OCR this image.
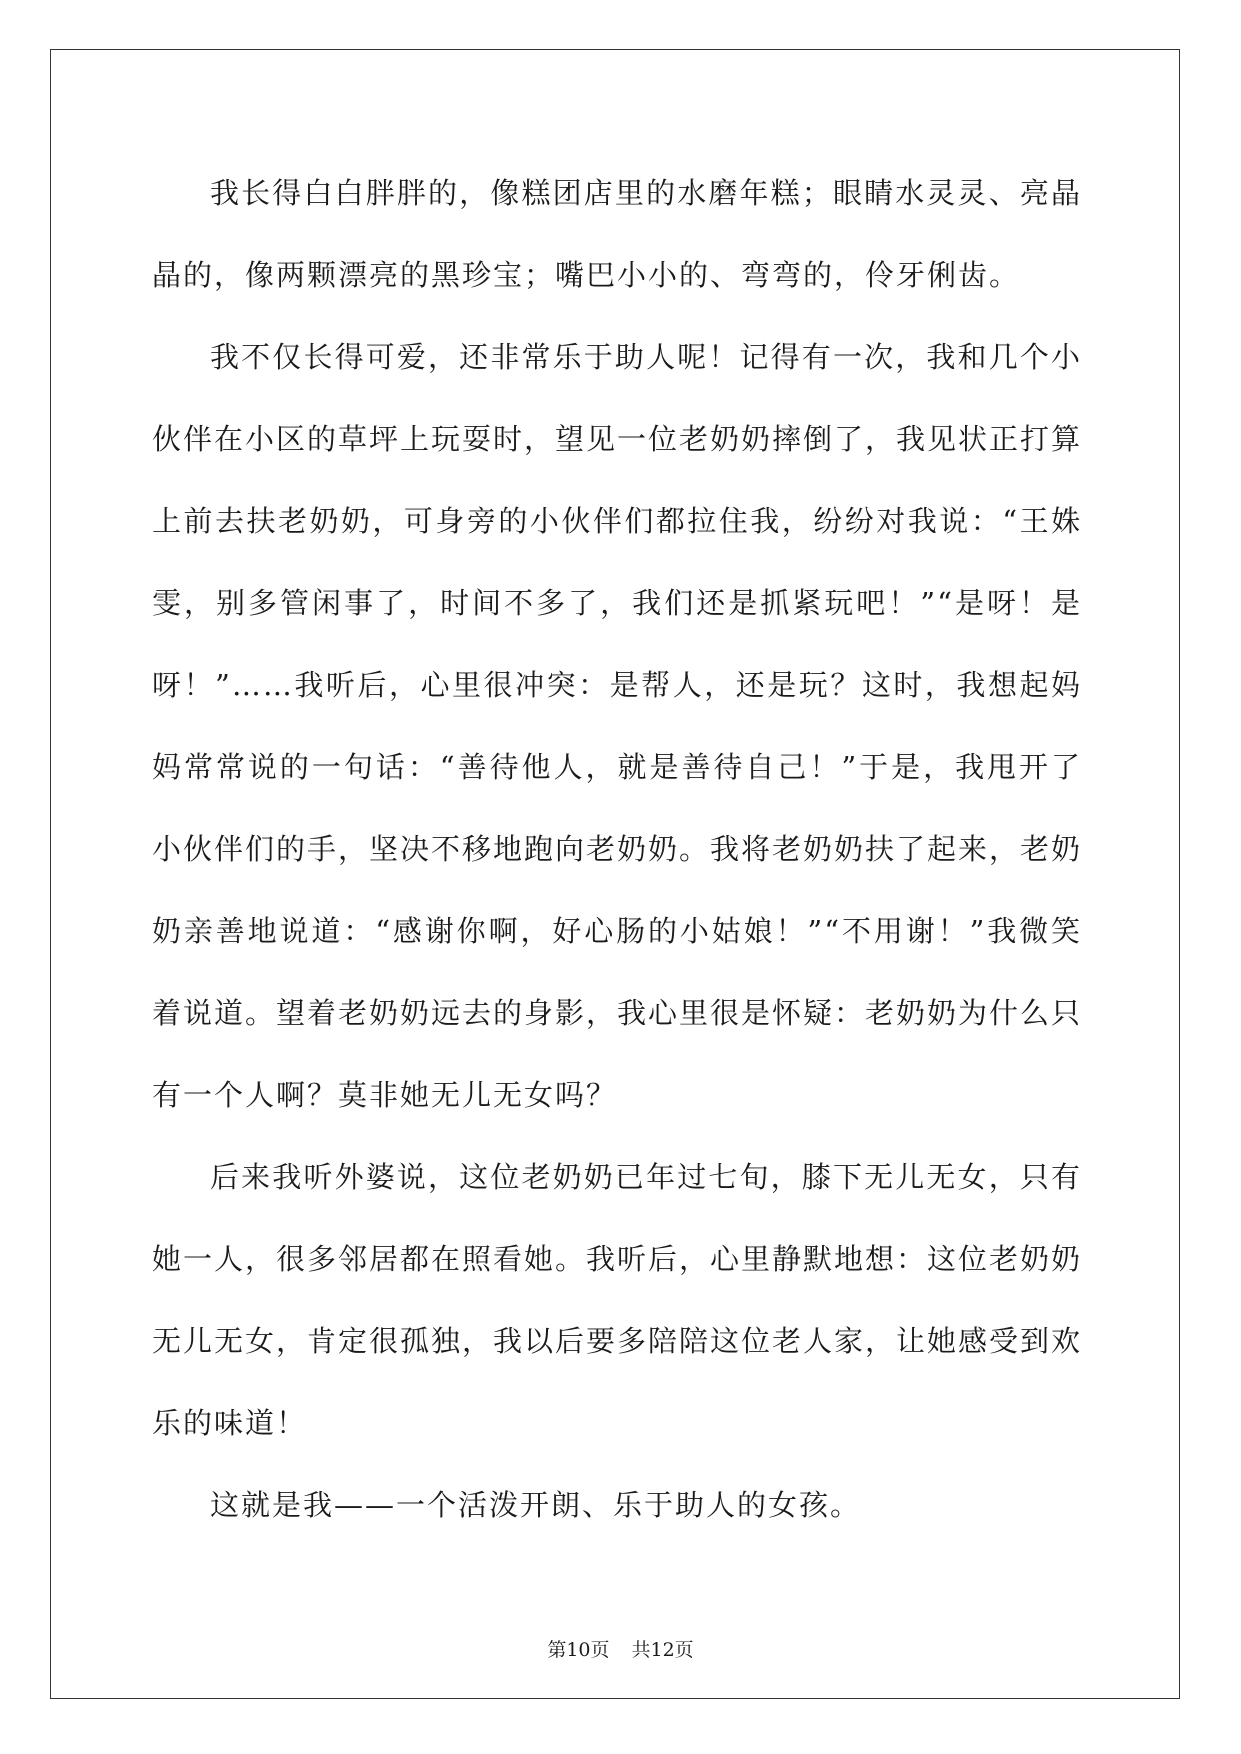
我长得白白胖胖的，像糕团店里的水磨年糕；眼睛水灵灵、亮晶晶的，像两颗漂亮的黑珍宝；嘴巴小小的、弯弯的，伶牙俐齿。

我不仅长得可爱，还非常乐于助人呢！记得有一次，我和几个小伙伴在小区的草坪上玩耍时，望见一位老奶奶摔倒了，我见状正打算上前去扶老奶奶，可身旁的小伙伴们都拉住我，纷纷对我说：“王姝雯，别多管闲事了，时间不多了，我们还是抓紧玩吧！”“是呀！是呀！”……我听后，心里很冲突：是帮人，还是玩？这时，我想起妈妈常常说的一句话：“善待他人，就是善待自己！”于是，我甩开了小伙伴们的手，坚决不移地跑向老奶奶。我将老奶奶扶了起来，老奶奶亲善地说道：“感谢你啊，好心肠的小姑娘！”“不用谢！”我微笑着说道。望着老奶奶远去的身影，我心里很是怀疑：老奶奶为什么只有一个人啊？莫非她无儿无女吗？

后来我听外婆说，这位老奶奶已年过七旬，膝下无儿无女，只有她一人，很多邻居都在照看她。我听后，心里静默地想：这位老奶奶无儿无女，肯定很孤独，我以后要多陪陪这位老人家，让她感受到欢乐的味道！

这就是我——一个活泼开朗、乐于助人的女孩。

第10页 共12页
